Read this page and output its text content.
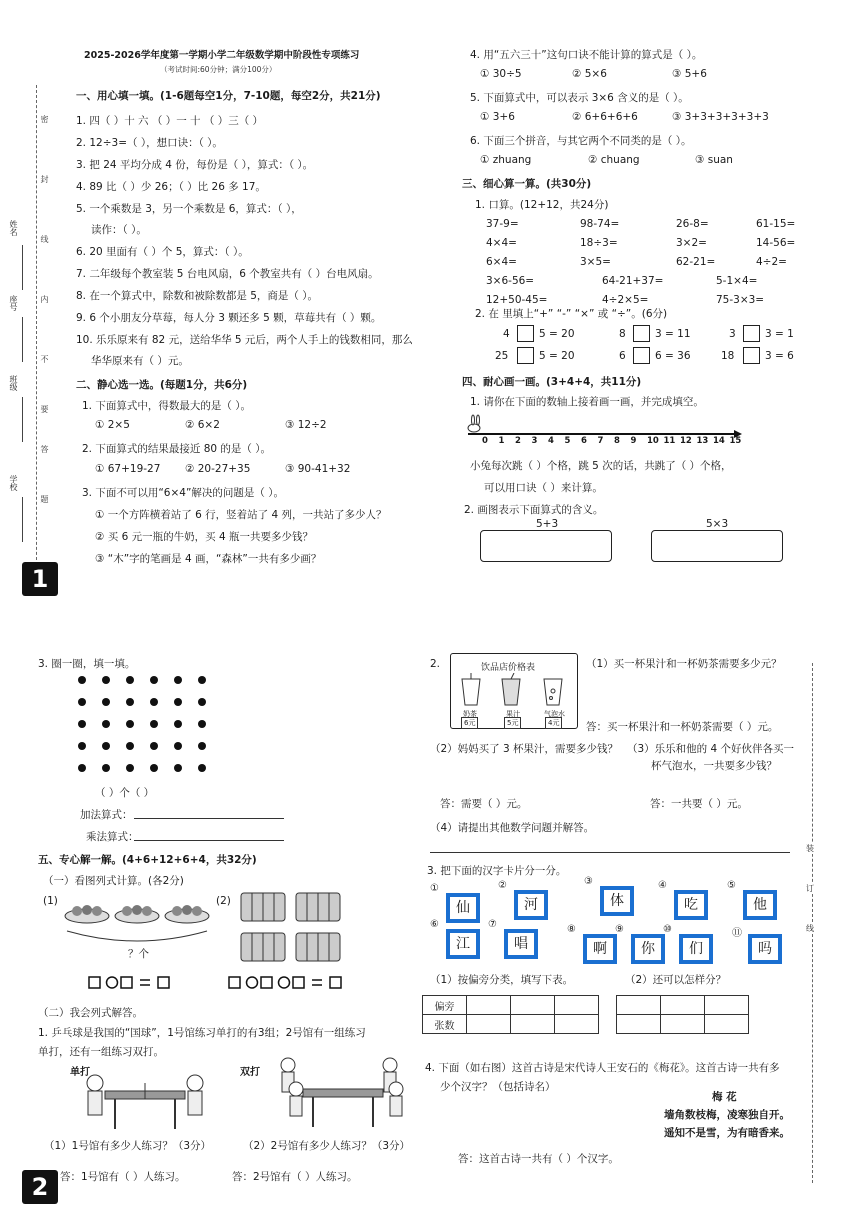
密
封
线
内
不
要
答
题
姓名
座号
班级
学校
1
2025-2026学年度第一学期小学二年级数学期中阶段性专项练习
（考试时间:60分钟；满分100分）
一、用心填一填。(1-6题每空1分，7-10题，每空2分，共21分)
1. 四（ ）十 六 （ ）一 十 （ ）三（ ）
2. 12÷3=（ ），想口诀：（ ）。
3. 把 24 平均分成 4 份，每份是（ ），算式：（ ）。
4. 89 比（ ）少 26；（ ）比 26 多 17。
5. 一个乘数是 3，另一个乘数是 6，算式：（ ），
读作：（ ）。
6. 20 里面有（ ）个 5，算式：（ ）。
7. 二年级每个教室装 5 台电风扇，6 个教室共有（ ）台电风扇。
8. 在一个算式中，除数和被除数都是 5，商是（ ）。
9. 6 个小朋友分草莓，每人分 3 颗还多 5 颗，草莓共有（ ）颗。
10. 乐乐原来有 82 元，送给华华 5 元后，两个人手上的钱数相同，那么
华华原来有（ ）元。
二、静心选一选。(每题1分，共6分)
1. 下面算式中，得数最大的是（ ）。
① 2×5	② 6×2	③ 12÷2
2. 下面算式的结果最接近 80 的是（ ）。
① 67+19-27 ② 20-27+35	③ 90-41+32
3. 下面不可以用“6×4”解决的问题是（ ）。
① 一个方阵横着站了 6 行，竖着站了 4 列，一共站了多少人？
② 买 6 元一瓶的牛奶，买 4 瓶一共要多少钱？
③ “木”字的笔画是 4 画，“森林”一共有多少画？
4. 用“五六三十”这句口诀不能计算的算式是（ ）。
① 30÷5	② 5×6	③ 5+6
5. 下面算式中，可以表示 3×6 含义的是（ ）。
① 3+6	② 6+6+6+6	③ 3+3+3+3+3+3
6. 下面三个拼音，与其它两个不同类的是（ ）。
① zhuang	② chuang	③ suan
三、细心算一算。(共30分)
1. 口算。(12+12，共24分)
2. 在 里填上“+” “-” “×” 或 “÷”。(6分)
四、耐心画一画。(3+4+4，共11分)
1. 请你在下面的数轴上接着画一画，并完成填空。
小兔每次跳（ ）个格，跳 5 次的话，共跳了（ ）个格，
可以用口诀（ ）来计算。
2. 画图表示下面算式的含义。
5+3	5×3
37-9=	98-74=	26-8=	61-15=
4×4=	18÷3=	3×2=	14-56=
6×4=	3×5=	62-21=	4÷2=
3×6-56=	64-21+37=	5-1×4=
12+50-45=	4÷2×5=	75-3×3=
4	5 = 20	8	3 = 11	3	3 = 1
25	5 = 20	6	6 = 36	18	3 = 6
0 1 2 3 4 5 6 7 8 9 10 11 12 13 14 15
2
3. 圈一圈，填一填。
（ ）个（ ）
加法算式：
乘法算式：
五、专心解一解。(4+6+12+6+4，共32分)
（一）看图列式计算。(各2分)
(1)	(2)
？个
（二）我会列式解答。
1. 乒乓球是我国的“国球”，1号馆练习单打的有3组；2号馆有一组练习
单打，还有一组练习双打。
单打	双打
（1）1号馆有多少人练习？（3分）	（2）2号馆有多少人练习？（3分）
答：1号馆有（ ）人练习。	答：2号馆有（ ）人练习。
2.	饮品店价格表
奶茶	果汁	气泡水
6元	5元	4元
（1）买一杯果汁和一杯奶茶需要多少元？
答：买一杯果汁和一杯奶茶需要（ ）元。
（2）妈妈买了 3 杯果汁，需要多少钱？ （3）乐乐和他的 4 个好伙伴各买一
杯气泡水，一共要多少钱？
答：需要（ ）元。	答：一共要（ ）元。
（4）请提出其他数学问题并解答。
3. 把下面的汉字卡片分一分。
（1）按偏旁分类，填写下表。	（2）还可以怎样分？
偏旁			
张数			

4. 下面（如右图）这首古诗是宋代诗人王安石的《梅花》。这首古诗一共有多
少个汉字？（包括诗名）
梅 花
墙角数枝梅，凌寒独自开。
遥知不是雪，为有暗香来。
答：这首古诗一共有（ ）个汉字。
装
订
线
①
仙
②
河
③
体
④
吃
⑤
他
⑥
江
⑦
唱
⑧
啊
⑨
你
⑩
们
⑪
吗
